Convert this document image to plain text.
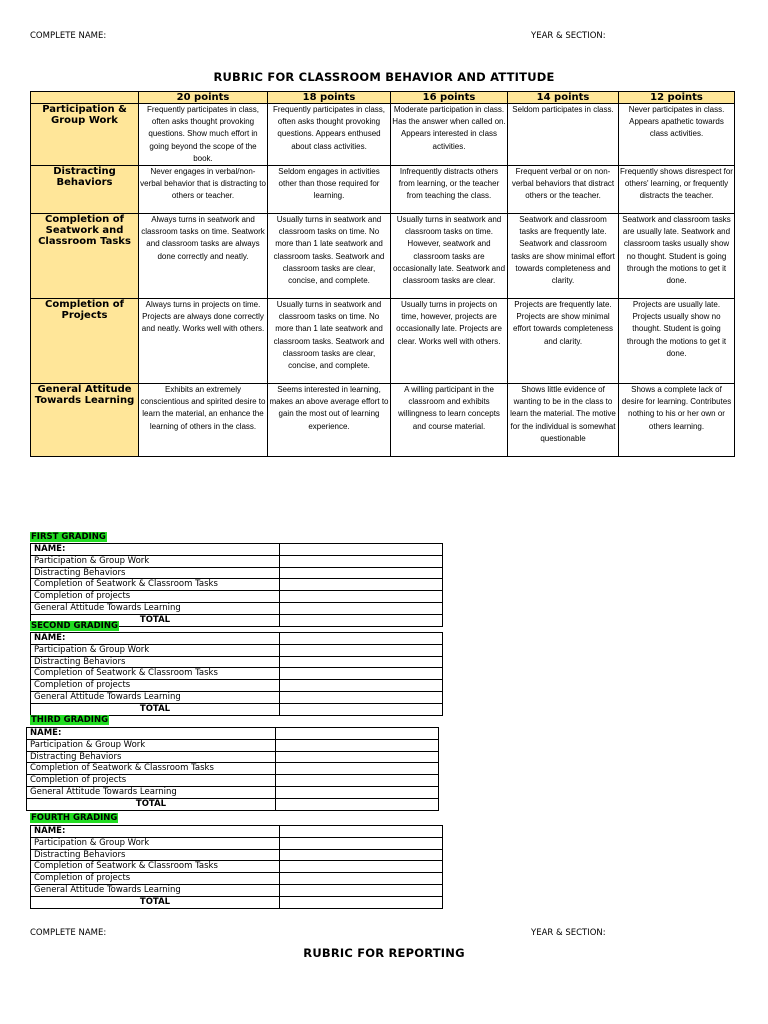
COMPLETE NAME:	YEAR & SECTION:
RUBRIC FOR CLASSROOM BEHAVIOR AND ATTITUDE
	20 points	18 points	16 points	14 points	12 points
Participation & Group Work	Frequently participates in class, often asks thought provoking questions. Show much effort in going beyond the scope of the book.	Frequently participates in class, often asks thought provoking questions. Appears enthused about class activities.	Moderate participation in class. Has the answer when called on. Appears interested in class activities.	Seldom participates in class.	Never participates in class. Appears apathetic towards class activities.
Distracting Behaviors	Never engages in verbal/non-verbal behavior that is distracting to others or teacher.	Seldom engages in activities other than those required for learning.	Infrequently distracts others from learning, or the teacher from teaching the class.	Frequent verbal or on non-verbal behaviors that distract others or the teacher.	Frequently shows disrespect for others' learning, or frequently distracts the teacher.
Completion of Seatwork and Classroom Tasks	Always turns in seatwork and classroom tasks on time. Seatwork and classroom tasks are always done correctly and neatly.	Usually turns in seatwork and classroom tasks on time. No more than 1 late seatwork and classroom tasks. Seatwork and classroom tasks are clear, concise, and complete.	Usually turns in seatwork and classroom tasks on time. However, seatwork and classroom tasks are occasionally late. Seatwork and classroom tasks are clear.	Seatwork and classroom tasks are frequently late. Seatwork and classroom tasks are show minimal effort towards completeness and clarity.	Seatwork and classroom tasks are usually late. Seatwork and classroom tasks usually show no thought. Student is going through the motions to get it done.
Completion of Projects	Always turns in projects on time. Projects are always done correctly and neatly. Works well with others.	Usually turns in seatwork and classroom tasks on time. No more than 1 late seatwork and classroom tasks. Seatwork and classroom tasks are clear, concise, and complete.	Usually turns in projects on time, however, projects are occasionally late. Projects are clear. Works well with others.	Projects are frequently late. Projects are show minimal effort towards completeness and clarity.	Projects are usually late. Projects usually show no thought. Student is going through the motions to get it done.
General Attitude Towards Learning	Exhibits an extremely conscientious and spirited desire to learn the material, an enhance the learning of others in the class.	Seems interested in learning, makes an above average effort to gain the most out of learning experience.	A willing participant in the classroom and exhibits willingness to learn concepts and course material.	Shows little evidence of wanting to be in the class to learn the material. The motive for the individual is somewhat questionable	Shows a complete lack of desire for learning. Contributes nothing to his or her own or others learning.
FIRST GRADING
NAME:	
Participation & Group Work	
Distracting Behaviors	
Completion of Seatwork & Classroom Tasks	
Completion of projects	
General Attitude Towards Learning	
TOTAL	
SECOND GRADING
NAME:	
Participation & Group Work	
Distracting Behaviors	
Completion of Seatwork & Classroom Tasks	
Completion of projects	
General Attitude Towards Learning	
TOTAL	
THIRD GRADING
NAME:	
Participation & Group Work	
Distracting Behaviors	
Completion of Seatwork & Classroom Tasks	
Completion of projects	
General Attitude Towards Learning	
TOTAL	
FOURTH GRADING
NAME:	
Participation & Group Work	
Distracting Behaviors	
Completion of Seatwork & Classroom Tasks	
Completion of projects	
General Attitude Towards Learning	
TOTAL	
COMPLETE NAME:	YEAR & SECTION:
RUBRIC FOR REPORTING
